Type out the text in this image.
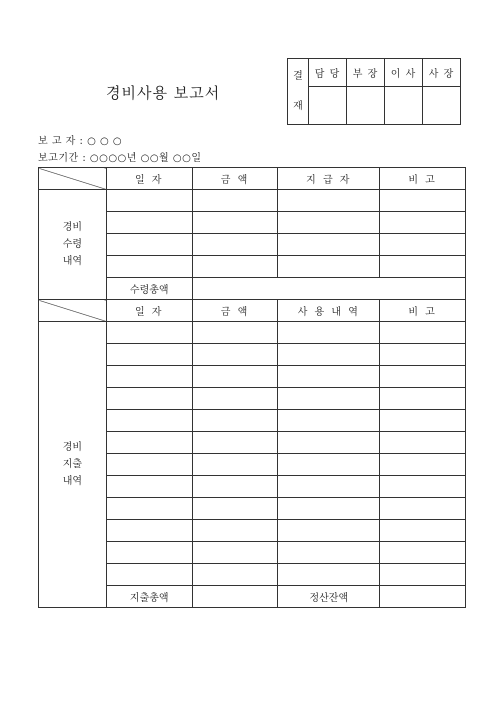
경비사용 보고서
결
재	담 당	부 장	이 사	사 장

보 고 자 : ○ ○ ○
보고기간 : ○○○○년 ○○월 ○○일
	일 자	금 액	지 급 자	비 고

경비
수령
내역				

	수령총액			
	일 자	금 액	사 용 내 역	비 고

경비
지출
내역				

	지출총액		정산잔액	
